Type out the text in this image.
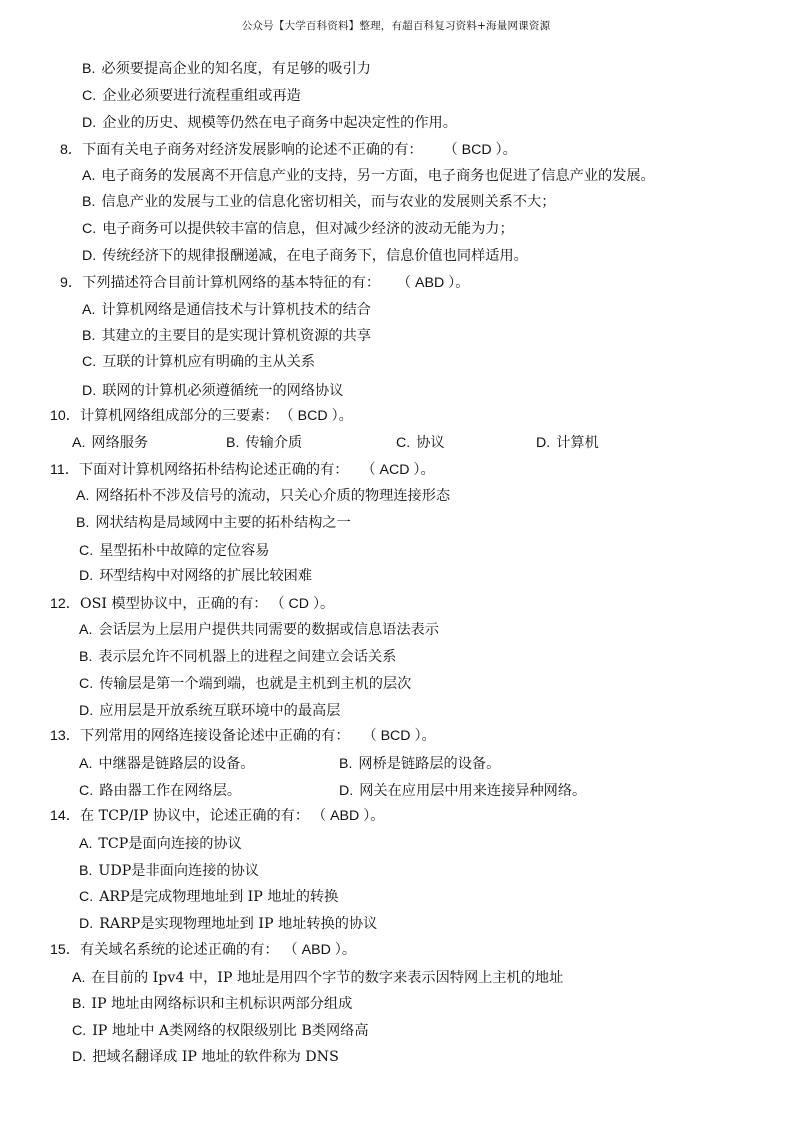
公众号【大学百科资料】整理，有超百科复习资料+海量网课资源
B. 必须要提高企业的知名度，有足够的吸引力
C. 企业必须要进行流程重组或再造
D. 企业的历史、规模等仍然在电子商务中起决定性的作用。
8．下面有关电子商务对经济发展影响的论述不正确的有： （ BCD ）。
A. 电子商务的发展离不开信息产业的支持，另一方面，电子商务也促进了信息产业的发展。
B. 信息产业的发展与工业的信息化密切相关，而与农业的发展则关系不大；
C. 电子商务可以提供较丰富的信息，但对减少经济的波动无能为力；
D. 传统经济下的规律报酬递减，在电子商务下，信息价值也同样适用。
9．下列描述符合目前计算机网络的基本特征的有： （ ABD ）。
A. 计算机网络是通信技术与计算机技术的结合
B. 其建立的主要目的是实现计算机资源的共享
C. 互联的计算机应有明确的主从关系
D. 联网的计算机必须遵循统一的网络协议
10．计算机网络组成部分的三要素： （ BCD ）。
A. 网络服务	B. 传输介质	C. 协议	D. 计算机
11．下面对计算机网络拓朴结构论述正确的有： （ ACD ）。
A. 网络拓朴不涉及信号的流动，只关心介质的物理连接形态
B. 网状结构是局域网中主要的拓朴结构之一
C. 星型拓朴中故障的定位容易
D. 环型结构中对网络的扩展比较困难
12．OSI 模型协议中，正确的有： （ CD ）。
A. 会话层为上层用户提供共同需要的数据或信息语法表示
B. 表示层允许不同机器上的进程之间建立会话关系
C. 传输层是第一个端到端，也就是主机到主机的层次
D. 应用层是开放系统互联环境中的最高层
13．下列常用的网络连接设备论述中正确的有： （ BCD ）。
A. 中继器是链路层的设备。	B. 网桥是链路层的设备。
C. 路由器工作在网络层。	D. 网关在应用层中用来连接异种网络。
14．在 TCP/IP 协议中，论述正确的有： （ ABD ）。
A. TCP是面向连接的协议
B. UDP是非面向连接的协议
C. ARP是完成物理地址到 IP 地址的转换
D. RARP是实现物理地址到 IP 地址转换的协议
15．有关域名系统的论述正确的有： （ ABD ）。
A. 在目前的 Ipv4 中，IP 地址是用四个字节的数字来表示因特网上主机的地址
B. IP 地址由网络标识和主机标识两部分组成
C. IP 地址中 A类网络的权限级别比 B类网络高
D. 把域名翻译成 IP 地址的软件称为 DNS
